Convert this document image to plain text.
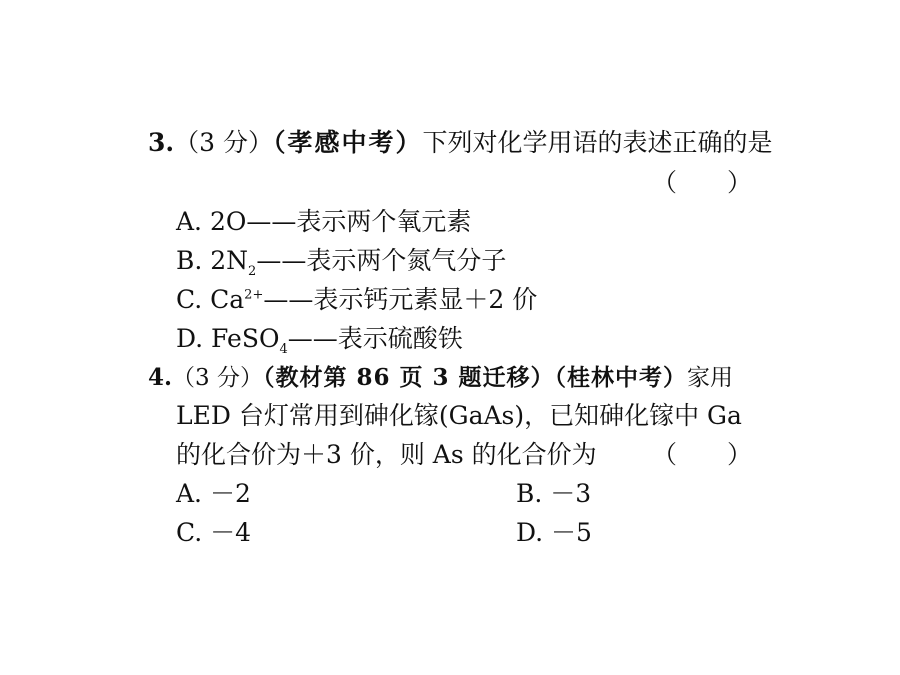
3.（3 分）（孝感中考）下列对化学用语的表述正确的是
（　　）
A. 2O——表示两个氧元素
B. $2N_2——$表示两个氮气分子
C. $Ca^{2+}——$表示钙元素显＋2 价
D. FeSO$_4$——表示硫酸铁
4.（3 分）（教材第 86 页 3 题迁移）（桂林中考）家用
LED 台灯常用到砷化镓(GaAs)，已知砷化镓中 Ga
的化合价为＋3 价，则 As 的化合价为 （　　）
A. －2	B. －3
C. －4	D. －5
